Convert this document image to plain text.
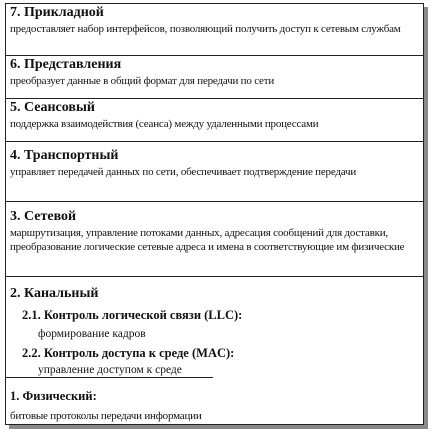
7. Прикладной
предоставляет набор интерфейсов, позволяющий получить доступ к сетевым службам
6. Представления
преобразует данные в общий формат для передачи по сети
5. Сеансовый
поддержка взаимодействия (сеанса) между удаленными процессами
4. Транспортный
управляет передачей данных по сети, обеспечивает подтверждение передачи
3. Сетевой
маршрутизация, управление потоками данных, адресация сообщений для доставки, преобразование логические сетевые адреса и имена в соответствующие им физические
2. Канальный
2.1. Контроль логической связи (LLC):
формирование кадров
2.2. Контроль доступа к среде (MAC):
управление доступом к среде
1. Физический:
битовые протоколы передачи информации
